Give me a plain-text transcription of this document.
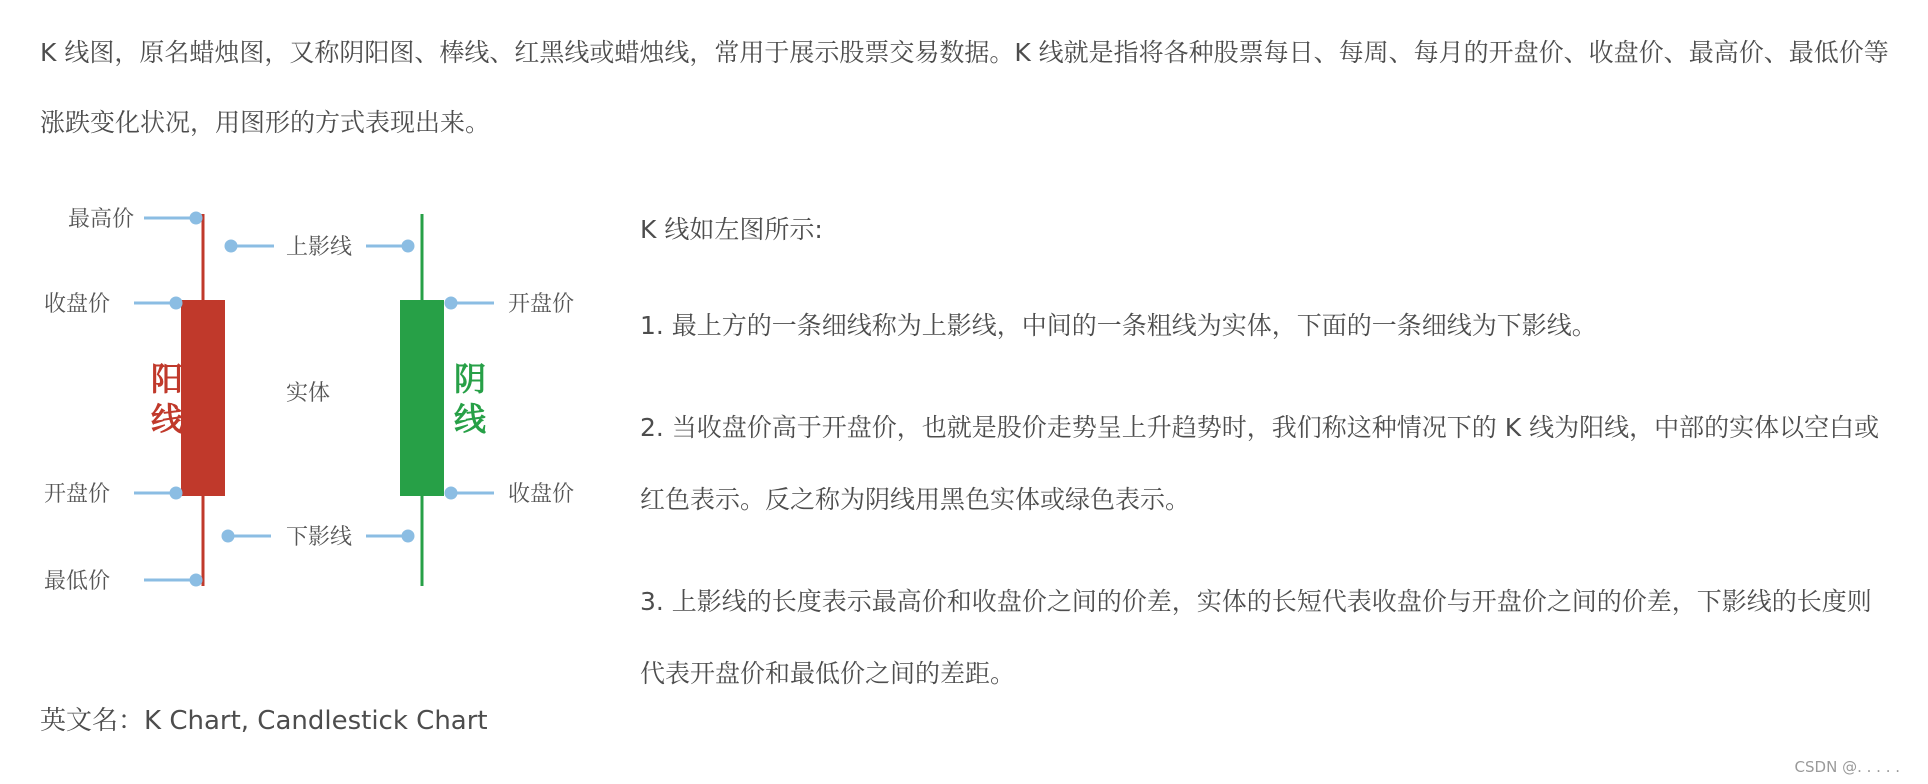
K 线图，原名蜡烛图，又称阴阳图、棒线、红黑线或蜡烛线，常用于展示股票交易数据。K 线就是指将各种股票每日、每周、每月的开盘价、收盘价、最高价、最低价等涨跌变化状况，用图形的方式表现出来。
阳
线
阴
线
最高价
收盘价
开盘价
最低价
上影线
实体
下影线
开盘价
收盘价

K 线如左图所示:

1. 最上方的一条细线称为上影线，中间的一条粗线为实体，下面的一条细线为下影线。

2. 当收盘价高于开盘价，也就是股价走势呈上升趋势时，我们称这种情况下的 K 线为阳线，中部的实体以空白或红色表示。反之称为阴线用黑色实体或绿色表示。

3. 上影线的长度表示最高价和收盘价之间的价差，实体的长短代表收盘价与开盘价之间的价差，下影线的长度则代表开盘价和最低价之间的差距。

英文名：K Chart, Candlestick Chart
CSDN @. . . . .
